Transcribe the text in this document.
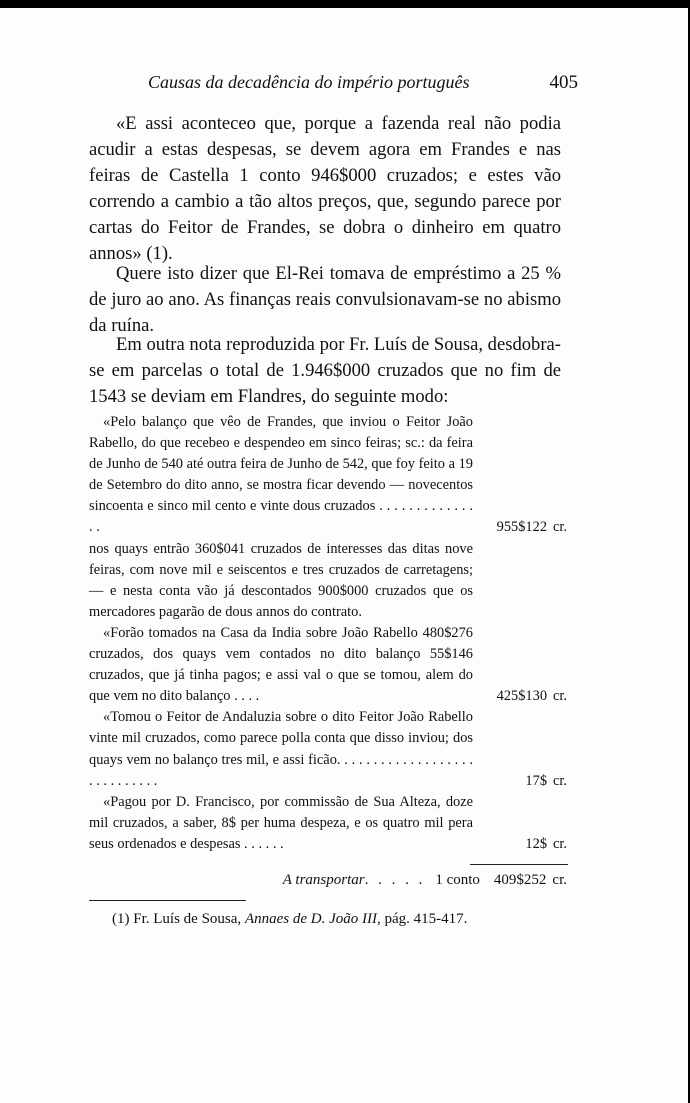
Causas da decadência do império português	405

«E assi aconteceo que, porque a fazenda real não podia acudir a estas despesas, se devem agora em Frandes e nas feiras de Castella 1 conto 946$000 cruzados; e estes vão correndo a cambio a tão altos preços, que, segundo parece por cartas do Feitor de Frandes, se dobra o dinheiro em quatro annos» (1).

Quere isto dizer que El-Rei tomava de empréstimo a 25 % de juro ao ano. As finanças reais convulsionavam-se no abismo da ruína.

Em outra nota reproduzida por Fr. Luís de Sousa, desdobra-se em parcelas o total de 1.946$000 cruzados que no fim de 1543 se deviam em Flandres, do seguinte modo:

«Pelo balanço que vêo de Frandes, que inviou o Feitor João Rabello, do que recebeo e despendeo em sinco feiras; sc.: da feira de Junho de 540 até outra feira de Junho de 542, que foy feito a 19 de Setembro do dito anno, se mostra ficar devendo — novecentos sincoenta e sinco mil cento e vinte dous cruzados . . . . . . . . . . . . . . .	955$122 cr.

nos quays entrão 360$041 cruzados de interesses das ditas nove feiras, com nove mil e seiscentos e tres cruzados de carretagens; — e nesta conta vão já descontados 900$000 cruzados que os mercadores pagarão de dous annos do contrato.

«Forão tomados na Casa da India sobre João Rabello 480$276 cruzados, dos quays vem contados no dito balanço 55$146 cruzados, que já tinha pagos; e assi val o que se tomou, alem do que vem no dito balanço . . . .	425$130 cr.

«Tomou o Feitor de Andaluzia sobre o dito Feitor João Rabello vinte mil cruzados, como parece polla conta que disso inviou; dos quays vem no balanço tres mil, e assi ficão. . . . . . . . . . . . . . . . . . . . . . . . . . . . .	17$ cr.

«Pagou por D. Francisco, por commissão de Sua Alteza, doze mil cruzados, a saber, 8$ per huma despeza, e os quatro mil pera seus ordenados e despesas . . . . . .	12$ cr.
A transportar. . . . . 1 conto 409$252 cr.
(1) Fr. Luís de Sousa, Annaes de D. João III, pág. 415-417.
